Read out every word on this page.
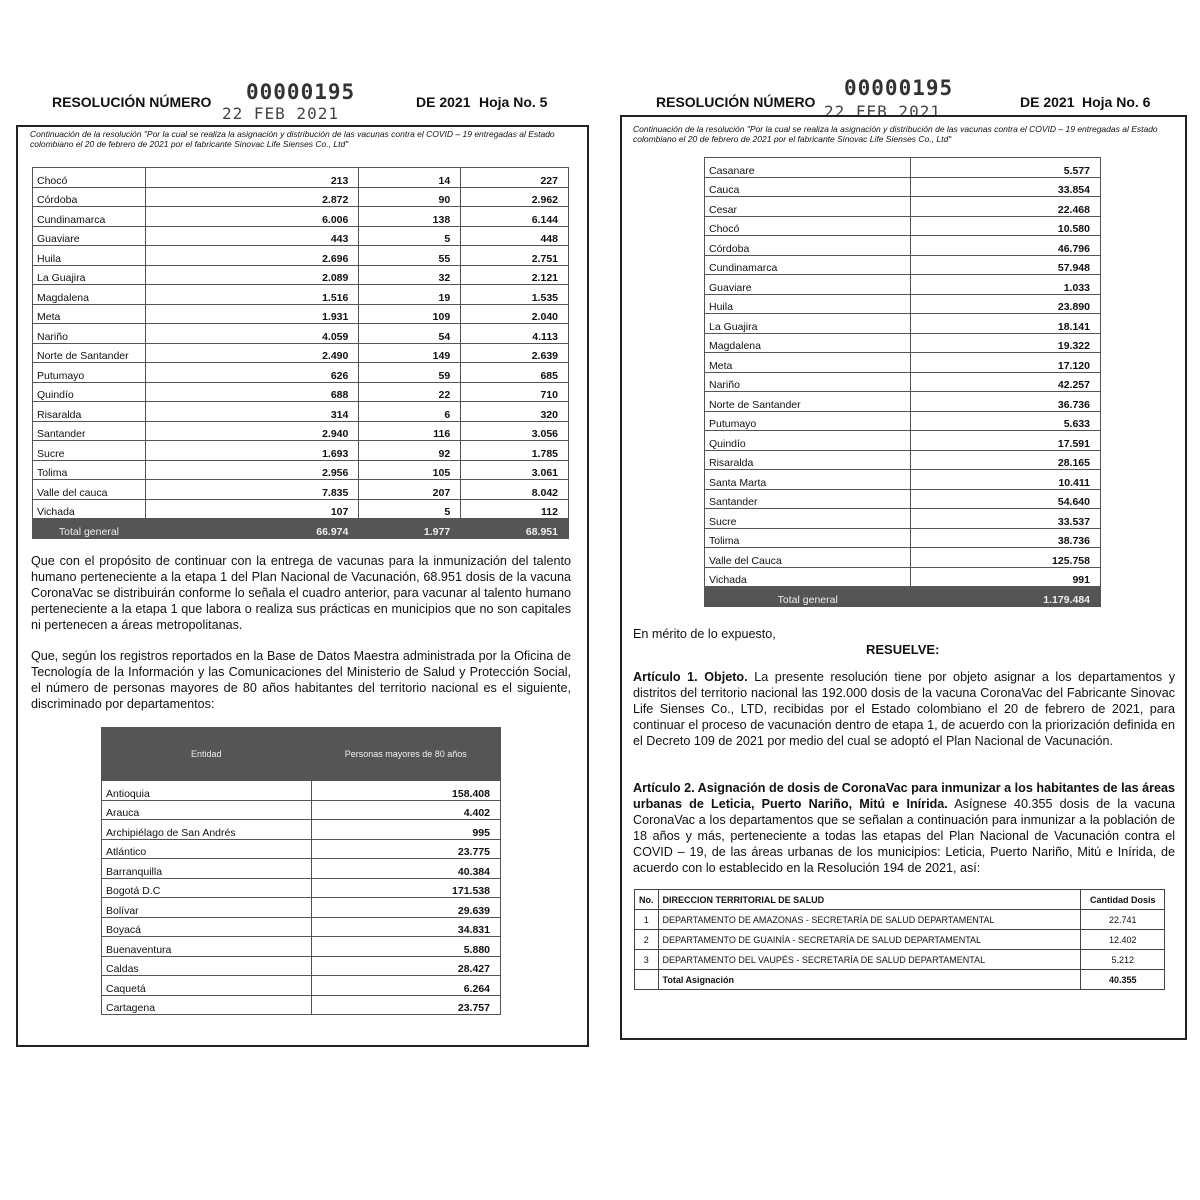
RESOLUCIÓN NÚMERO 00000195
22 FEB 2021
DE 2021 Hoja No. 5
Continuación de la resolución "Por la cual se realiza la asignación y distribución de las vacunas contra el COVID – 19 entregadas al Estado colombiano el 20 de febrero de 2021 por el fabricante Sinovac Life Sienses Co., Ltd"
Chocó	213	14	227
Córdoba	2.872	90	2.962
Cundinamarca	6.006	138	6.144
Guaviare	443	5	448
Huila	2.696	55	2.751
La Guajira	2.089	32	2.121
Magdalena	1.516	19	1.535
Meta	1.931	109	2.040
Nariño	4.059	54	4.113
Norte de Santander	2.490	149	2.639
Putumayo	626	59	685
Quindío	688	22	710
Risaralda	314	6	320
Santander	2.940	116	3.056
Sucre	1.693	92	1.785
Tolima	2.956	105	3.061
Valle del cauca	7.835	207	8.042
Vichada	107	5	112
Total general	66.974	1.977	68.951
Que con el propósito de continuar con la entrega de vacunas para la inmunización del talento humano perteneciente a la etapa 1 del Plan Nacional de Vacunación, 68.951 dosis de la vacuna CoronaVac se distribuirán conforme lo señala el cuadro anterior, para vacunar al talento humano perteneciente a la etapa 1 que labora o realiza sus prácticas en municipios que no son capitales ni pertenecen a áreas metropolitanas.
Que, según los registros reportados en la Base de Datos Maestra administrada por la Oficina de Tecnología de la Información y las Comunicaciones del Ministerio de Salud y Protección Social, el número de personas mayores de 80 años habitantes del territorio nacional es el siguiente, discriminado por departamentos:
Entidad	Personas mayores de 80 años
Antioquia	158.408
Arauca	4.402
Archipiélago de San Andrés	995
Atlántico	23.775
Barranquilla	40.384
Bogotá D.C	171.538
Bolívar	29.639
Boyacá	34.831
Buenaventura	5.880
Caldas	28.427
Caquetá	6.264
Cartagena	23.757
RESOLUCIÓN NÚMERO
00000195
22 FEB 2021	DE 2021 Hoja No. 6
Continuación de la resolución "Por la cual se realiza la asignación y distribución de las vacunas contra el COVID – 19 entregadas al Estado colombiano el 20 de febrero de 2021 por el fabricante Sinovac Life Sienses Co., Ltd"
Casanare	5.577
Cauca	33.854
Cesar	22.468
Chocó	10.580
Córdoba	46.796
Cundinamarca	57.948
Guaviare	1.033
Huila	23.890
La Guajira	18.141
Magdalena	19.322
Meta	17.120
Nariño	42.257
Norte de Santander	36.736
Putumayo	5.633
Quindío	17.591
Risaralda	28.165
Santa Marta	10.411
Santander	54.640
Sucre	33.537
Tolima	38.736
Valle del Cauca	125.758
Vichada	991
Total general	1.179.484
En mérito de lo expuesto,
RESUELVE:
Artículo 1. Objeto. La presente resolución tiene por objeto asignar a los departamentos y distritos del territorio nacional las 192.000 dosis de la vacuna CoronaVac del Fabricante Sinovac Life Sienses Co., LTD, recibidas por el Estado colombiano el 20 de febrero de 2021, para continuar el proceso de vacunación dentro de etapa 1, de acuerdo con la priorización definida en el Decreto 109 de 2021 por medio del cual se adoptó el Plan Nacional de Vacunación.
Artículo 2. Asignación de dosis de CoronaVac para inmunizar a los habitantes de las áreas urbanas de Leticia, Puerto Nariño, Mitú e Inírida. Asígnese 40.355 dosis de la vacuna CoronaVac a los departamentos que se señalan a continuación para inmunizar a la población de 18 años y más, perteneciente a todas las etapas del Plan Nacional de Vacunación contra el COVID – 19, de las áreas urbanas de los municipios: Leticia, Puerto Nariño, Mitú e Inírida, de acuerdo con lo establecido en la Resolución 194 de 2021, así:
No.	DIRECCION TERRITORIAL DE SALUD	Cantidad Dosis
1	DEPARTAMENTO DE AMAZONAS - SECRETARÍA DE SALUD DEPARTAMENTAL	22.741
2	DEPARTAMENTO DE GUAINÍA - SECRETARÍA DE SALUD DEPARTAMENTAL	12.402
3	DEPARTAMENTO DEL VAUPÉS - SECRETARÍA DE SALUD DEPARTAMENTAL	5.212
	Total Asignación	40.355
